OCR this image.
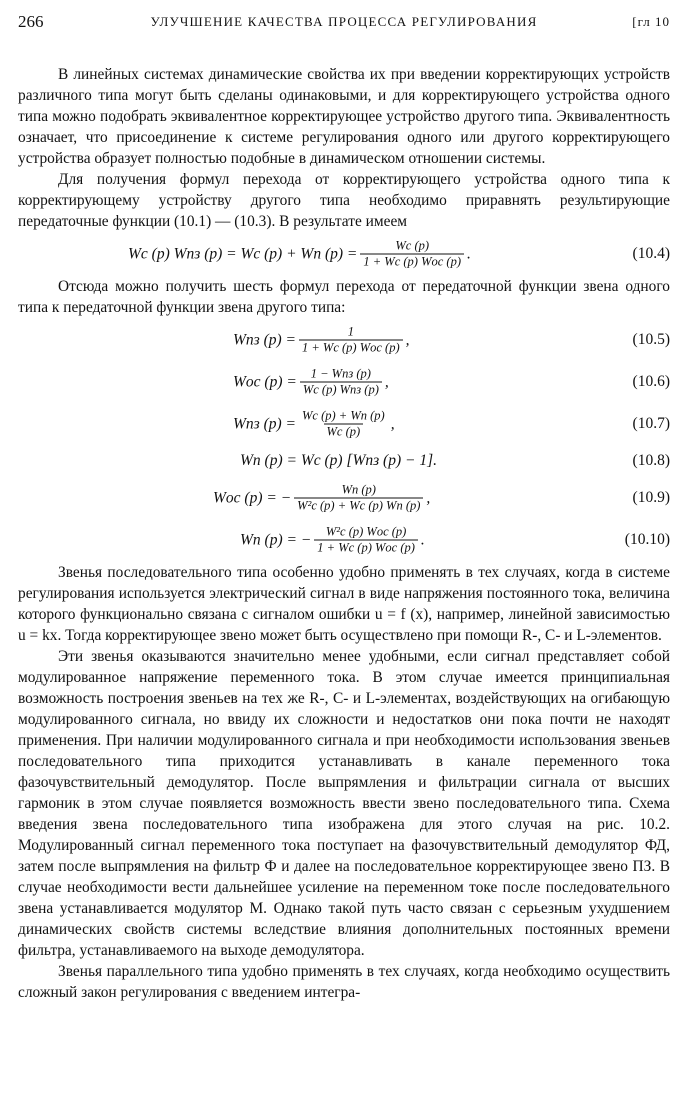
266	УЛУЧШЕНИЕ КАЧЕСТВА ПРОЦЕССА РЕГУЛИРОВАНИЯ	[гл 10

В линейных системах динамические свойства их при введении корректирующих устройств различного типа могут быть сделаны одинаковыми, и для корректирующего устройства одного типа можно подобрать эквивалентное корректирующее устройство другого типа. Эквивалентность означает, что присоединение к системе регулирования одного или другого корректирующего устройства образует полностью подобные в динамическом отношении системы.

Для получения формул перехода от корректирующего устройства одного типа к корректирующему устройству другого типа необходимо приравнять результирующие передаточные функции (10.1) — (10.3). В результате имеем

Wс (p) Wпз (p) = Wс (p) + Wп $(p) = \frac{Wс (p)}{\text{1 + Wс (p) Wос (p)}}$ .	(10.4)

Отсюда можно получить шесть формул перехода от передаточной функции звена одного типа к передаточной функции звена другого типа:

Wпз $(p) = \frac{1}{\text{1 + Wс (p) Wос (p)}}$ ,	(10.5)
Wос $(p) = \frac{\text{1 − Wпз (p)}}{\text{Wс (p) Wпз (p)}}$ ,	(10.6)
Wпз $(p) = \frac{Wс (p) + Wп (p)}{Wс (p)}$ ,	(10.7)
Wп (p) = Wс (p) [Wпз (p) − 1].	(10.8)
Wос (p) = − $\frac{Wп (p)}{\text{W²с (p) + Wс (p) Wп (p)}}$ ,	(10.9)
Wп (p) = − $\frac{\text{W²с (p) Wос (p)}}{\text{1 + Wс (p) Wос (p)}}$ .	(10.10)

Звенья последовательного типа особенно удобно применять в тех случаях, когда в системе регулирования используется электрический сигнал в виде напряжения постоянного тока, величина которого функционально связана с сигналом ошибки u = f (x), например, линейной зависимостью u = kx. Тогда корректирующее звено может быть осуществлено при помощи R-, C- и L-элементов.

Эти звенья оказываются значительно менее удобными, если сигнал представляет собой модулированное напряжение переменного тока. В этом случае имеется принципиальная возможность построения звеньев на тех же R-, C- и L-элементах, воздействующих на огибающую модулированного сигнала, но ввиду их сложности и недостатков они пока почти не находят применения. При наличии модулированного сигнала и при необходимости использования звеньев последовательного типа приходится устанавливать в канале переменного тока фазочувствительный демодулятор. После выпрямления и фильтрации сигнала от высших гармоник в этом случае появляется возможность ввести звено последовательного типа. Схема введения звена последовательного типа изображена для этого случая на рис. 10.2. Модулированный сигнал переменного тока поступает на фазочувствительный демодулятор ФД, затем после выпрямления на фильтр Ф и далее на последовательное корректирующее звено ПЗ. В случае необходимости вести дальнейшее усиление на переменном токе после последовательного звена устанавливается модулятор M. Однако такой путь часто связан с серьезным ухудшением динамических свойств системы вследствие влияния дополнительных постоянных времени фильтра, устанавливаемого на выходе демодулятора.

Звенья параллельного типа удобно применять в тех случаях, когда необходимо осуществить сложный закон регулирования с введением интегра-
